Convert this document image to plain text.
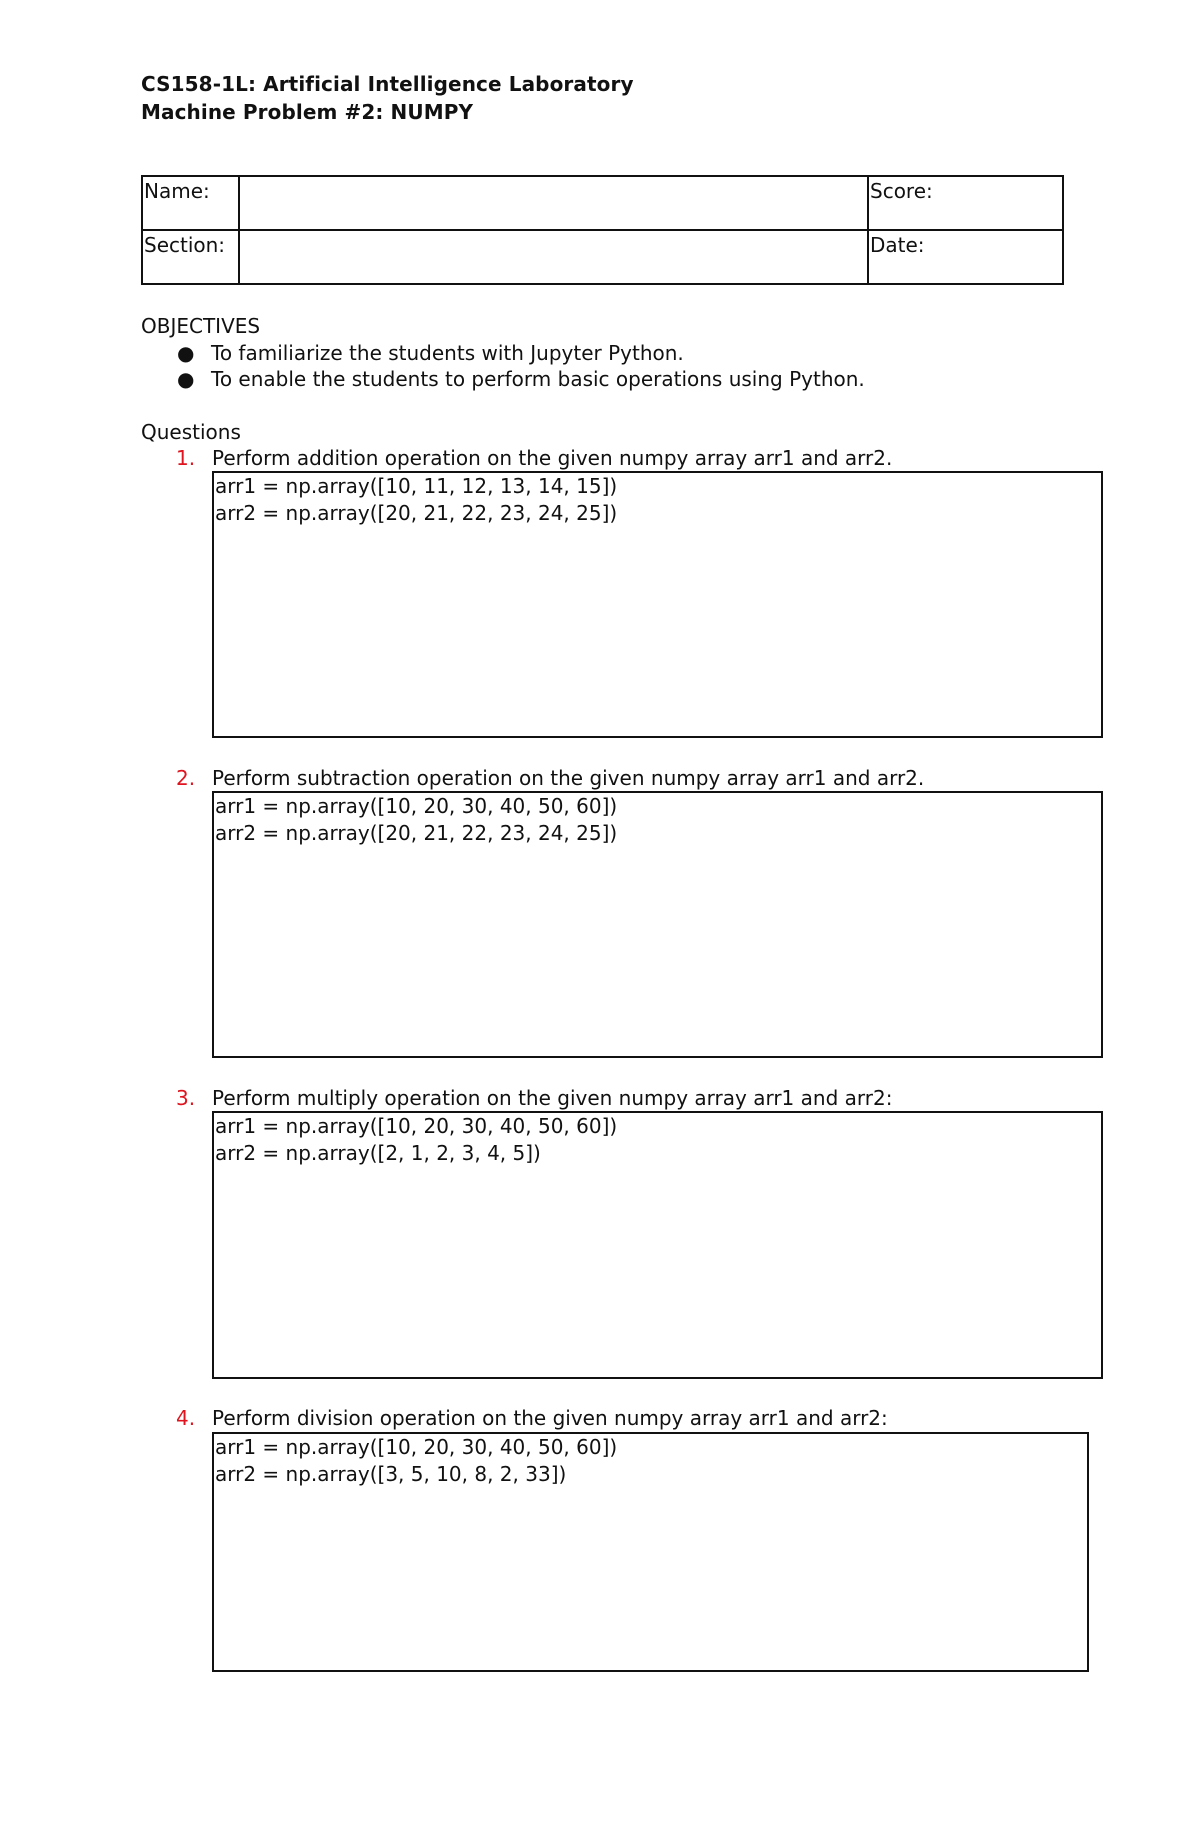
CS158-1L: Artificial Intelligence Laboratory
Machine Problem #2: NUMPY
Name:		Score:
Section:		Date:
OBJECTIVES
● To familiarize the students with Jupyter Python.
● To enable the students to perform basic operations using Python.
Questions
1. Perform addition operation on the given numpy array arr1 and arr2.
arr1 = np.array([10, 11, 12, 13, 14, 15])
arr2 = np.array([20, 21, 22, 23, 24, 25])
2. Perform subtraction operation on the given numpy array arr1 and arr2.
arr1 = np.array([10, 20, 30, 40, 50, 60])
arr2 = np.array([20, 21, 22, 23, 24, 25])
3. Perform multiply operation on the given numpy array arr1 and arr2:
arr1 = np.array([10, 20, 30, 40, 50, 60])
arr2 = np.array([2, 1, 2, 3, 4, 5])
4. Perform division operation on the given numpy array arr1 and arr2:
arr1 = np.array([10, 20, 30, 40, 50, 60])
arr2 = np.array([3, 5, 10, 8, 2, 33])
